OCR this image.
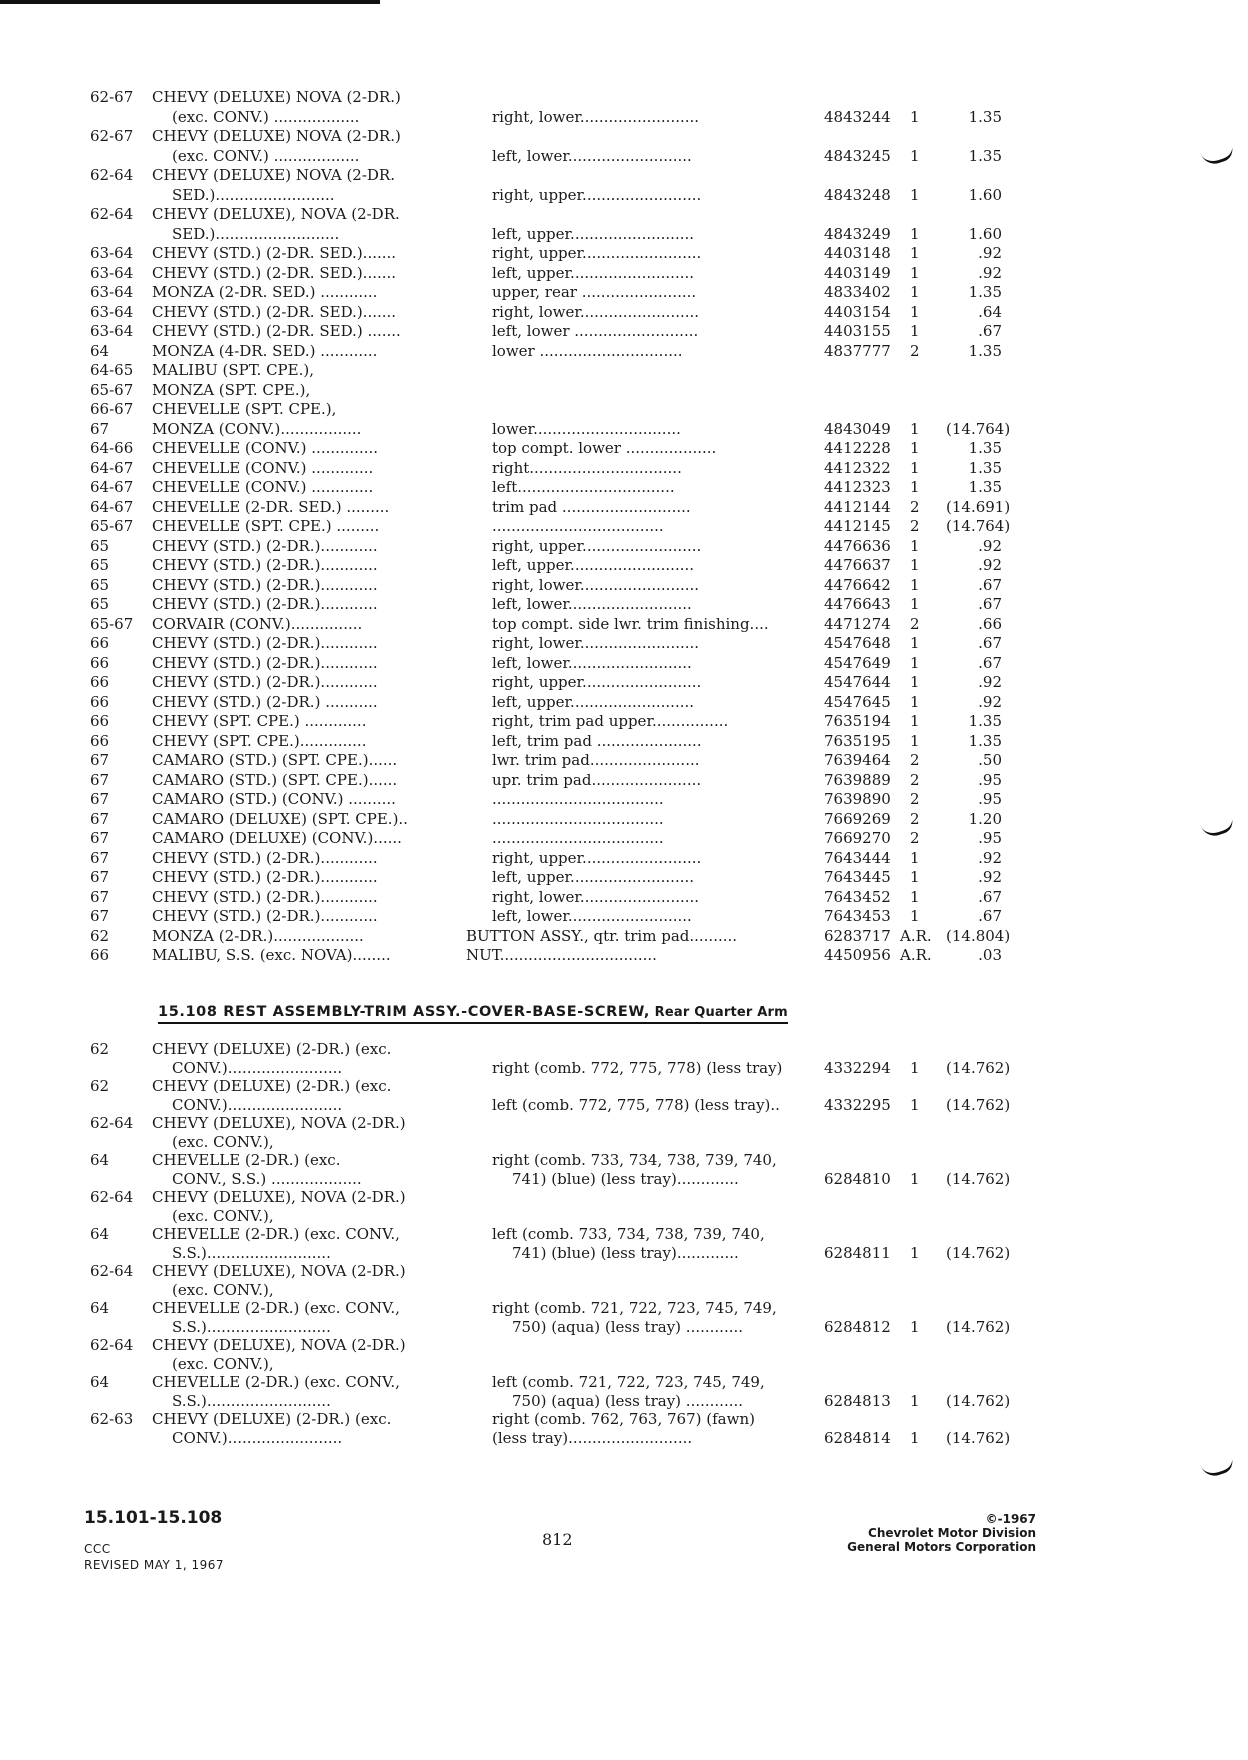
62-67 CHEVY (DELUXE) NOVA (2-DR.)
(exc. CONV.) ..................	right, lower.........................	4843244 1	1.35
62-67 CHEVY (DELUXE) NOVA (2-DR.)
(exc. CONV.) ..................	left, lower..........................	4843245 1	1.35
62-64 CHEVY (DELUXE) NOVA (2-DR.
SED.).........................	right, upper.........................	4843248 1	1.60
62-64 CHEVY (DELUXE), NOVA (2-DR.
SED.)..........................	left, upper..........................	4843249 1	1.60
63-64 CHEVY (STD.) (2-DR. SED.).......	right, upper.........................	4403148 1	.92
63-64 CHEVY (STD.) (2-DR. SED.).......	left, upper..........................	4403149 1	.92
63-64 MONZA (2-DR. SED.) ............	upper, rear ........................	4833402 1	1.35
63-64 CHEVY (STD.) (2-DR. SED.).......	right, lower.........................	4403154 1	.64
63-64 CHEVY (STD.) (2-DR. SED.) .......	left, lower ..........................	4403155 1	.67
64	MONZA (4-DR. SED.) ............	lower ..............................	4837777 2	1.35
64-65 MALIBU (SPT. CPE.),
65-67 MONZA (SPT. CPE.),
66-67 CHEVELLE (SPT. CPE.),
67	MONZA (CONV.).................	lower...............................	4843049 1 (14.764)
64-66 CHEVELLE (CONV.) ..............	top compt. lower ...................	4412228 1	1.35
64-67 CHEVELLE (CONV.) .............	right................................	4412322 1	1.35
64-67 CHEVELLE (CONV.) .............	left.................................	4412323 1	1.35
64-67 CHEVELLE (2-DR. SED.) .........	trim pad ...........................	4412144 2 (14.691)
65-67 CHEVELLE (SPT. CPE.) .........	....................................	4412145 2 (14.764)
65	CHEVY (STD.) (2-DR.)............	right, upper.........................	4476636 1	.92
65	CHEVY (STD.) (2-DR.)............	left, upper..........................	4476637 1	.92
65	CHEVY (STD.) (2-DR.)............	right, lower.........................	4476642 1	.67
65	CHEVY (STD.) (2-DR.)............	left, lower..........................	4476643 1	.67
65-67 CORVAIR (CONV.)...............	top compt. side lwr. trim finishing....	4471274 2	.66
66	CHEVY (STD.) (2-DR.)............	right, lower.........................	4547648 1	.67
66	CHEVY (STD.) (2-DR.)............	left, lower..........................	4547649 1	.67
66	CHEVY (STD.) (2-DR.)............	right, upper.........................	4547644 1	.92
66	CHEVY (STD.) (2-DR.) ...........	left, upper..........................	4547645 1	.92
66	CHEVY (SPT. CPE.) .............	right, trim pad upper................	7635194 1	1.35
66	CHEVY (SPT. CPE.)..............	left, trim pad ......................	7635195 1	1.35
67	CAMARO (STD.) (SPT. CPE.)......	lwr. trim pad.......................	7639464 2	.50
67	CAMARO (STD.) (SPT. CPE.)......	upr. trim pad.......................	7639889 2	.95
67	CAMARO (STD.) (CONV.) ..........	....................................	7639890 2	.95
67	CAMARO (DELUXE) (SPT. CPE.)..	....................................	7669269 2	1.20
67	CAMARO (DELUXE) (CONV.)......	....................................	7669270 2	.95
67	CHEVY (STD.) (2-DR.)............	right, upper.........................	7643444 1	.92
67	CHEVY (STD.) (2-DR.)............	left, upper..........................	7643445 1	.92
67	CHEVY (STD.) (2-DR.)............	right, lower.........................	7643452 1	.67
67	CHEVY (STD.) (2-DR.)............	left, lower..........................	7643453 1	.67
62	MONZA (2-DR.)...................	BUTTON ASSY., qtr. trim pad..........	6283717 A.R. (14.804)
66	MALIBU, S.S. (exc. NOVA)........	NUT.................................	4450956 A.R.	.03
15.108 REST ASSEMBLY-TRIM ASSY.-COVER-BASE-SCREW, Rear Quarter Arm
62	CHEVY (DELUXE) (2-DR.) (exc.
CONV.)........................	right (comb. 772, 775, 778) (less tray)	4332294 1 (14.762)
62	CHEVY (DELUXE) (2-DR.) (exc.
CONV.)........................	left (comb. 772, 775, 778) (less tray)..	4332295 1 (14.762)
62-64 CHEVY (DELUXE), NOVA (2-DR.)
(exc. CONV.),
64	CHEVELLE (2-DR.) (exc.	right (comb. 733, 734, 738, 739, 740,
CONV., S.S.) ...................	741) (blue) (less tray).............	6284810 1 (14.762)
62-64 CHEVY (DELUXE), NOVA (2-DR.)
(exc. CONV.),
64	CHEVELLE (2-DR.) (exc. CONV.,	left (comb. 733, 734, 738, 739, 740,
S.S.)..........................	741) (blue) (less tray).............	6284811 1 (14.762)
62-64 CHEVY (DELUXE), NOVA (2-DR.)
(exc. CONV.),
64	CHEVELLE (2-DR.) (exc. CONV.,	right (comb. 721, 722, 723, 745, 749,
S.S.)..........................	750) (aqua) (less tray) ............	6284812 1 (14.762)
62-64 CHEVY (DELUXE), NOVA (2-DR.)
(exc. CONV.),
64	CHEVELLE (2-DR.) (exc. CONV.,	left (comb. 721, 722, 723, 745, 749,
S.S.)..........................	750) (aqua) (less tray) ............	6284813 1 (14.762)
62-63 CHEVY (DELUXE) (2-DR.) (exc.	right (comb. 762, 763, 767) (fawn)
CONV.)........................	(less tray)..........................	6284814 1 (14.762)
15.101-15.108
CCC
REVISED MAY 1, 1967
812
©-1967
Chevrolet Motor Division
General Motors Corporation
